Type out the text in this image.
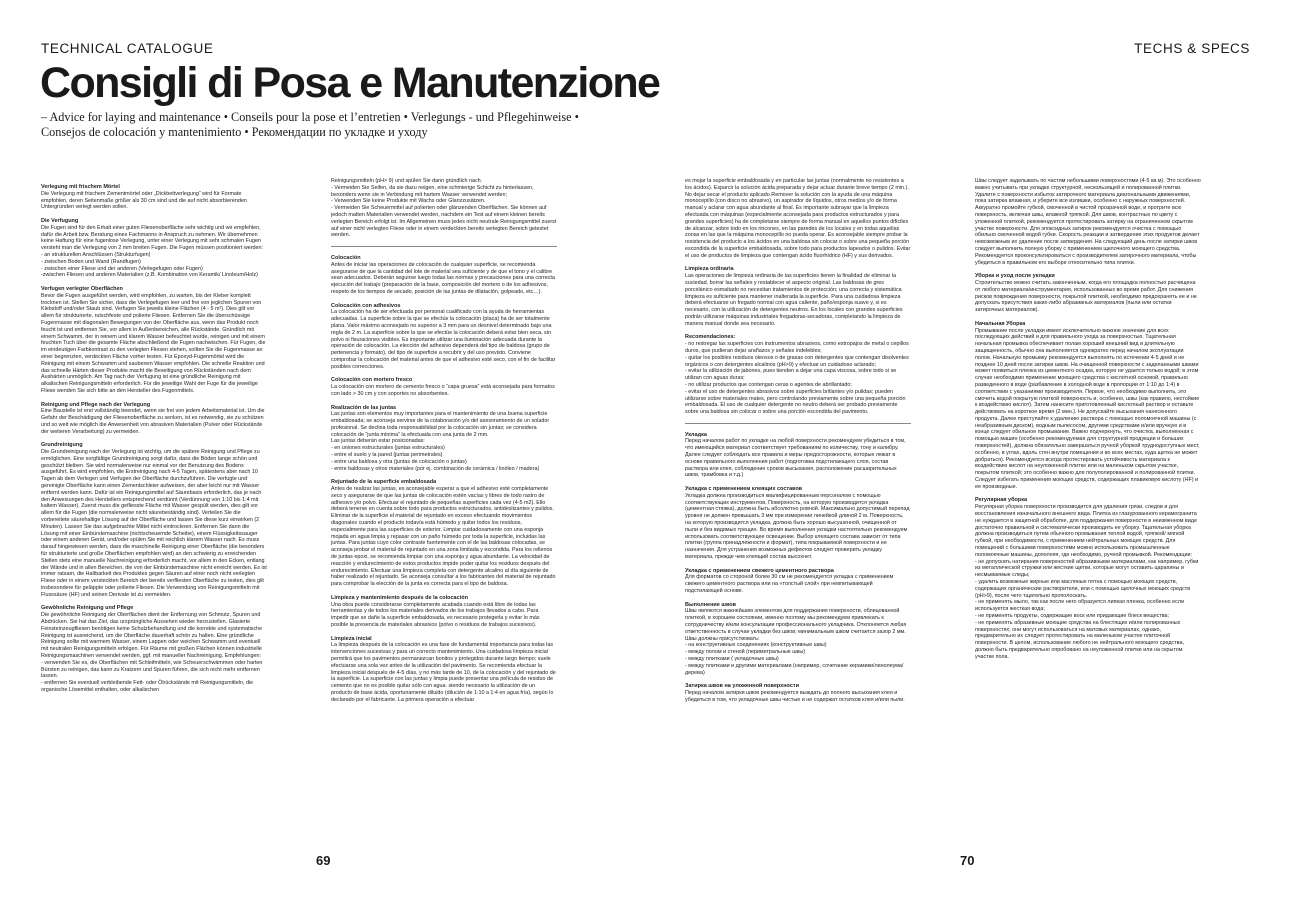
TECHNICAL CATALOGUE	TECHS & SPECS
Consigli di Posa e Manutenzione
– Advice for laying and maintenance • Conseils pour la pose et l’entretien • Verlegungs - und Pflegehinweise • Consejos de colocación y mantenimiento • Рекомендации по укладке и уходу
Verlegung mit frischem Mörtel

Die Verlegung mit frischem Zementmörtel oder „Dickbettverlegung“ wird für Formate empfohlen, deren Seitenmaße größer als 30 cm sind und die auf nicht absorbierenden Untergründen verlegt werden sollen.

Die Verfugung

Die Fugen sind für den Erhalt einer guten Fliesenoberfläche sehr wichtig und wir empfehlen, dafür die Arbeit bzw. Beratung eines Fachmanns in Anspruch zu nehmen. Wir übernehmen keine Haftung für eine fugenlose Verlegung, unter einer Verlegung mit sehr schmalen Fugen versteht man die Verlegung von 2 mm breiten Fugen. Die Fugen müssen positioniert werden:
- an strukturellen Anschlüssen (Strukturfugen)
- zwischen Boden und Wand (Randfugen)
- zwischen einer Fliese und der anderen (Verlegefugen oder Fugen)
-zwischen Fliesen und anderen Materialien (z.B. Kombination von Keramik/ Linoleum/Holz)

Verfugen verlegter Oberflächen

Bevor die Fugen ausgeführt werden, wird empfohlen, zu warten, bis der Kleber komplett trocknen ist. Stellen Sie sicher, dass die Verlegefugen leer und frei von jeglichen Spuren von Klebstoff und/oder Staub sind. Verfugen Sie jeweils kleine Flächen (4 - 5 m²). Dies gilt vor allem für strukturierte, rutschfeste und polierte Fliesen. Entfernen Sie die überschüssige Fugenmasse mit diagonalen Bewegungen von der Oberfläche aus, wenn das Produkt noch feucht ist und entfernen Sie, vor allem in Außenbereichen, alle Rückstände. Gründlich mit einem Schwamm, der in reinem und klarem Wasser befeuchtet wurde, reinigen und mit einem feuchten Tuch über die gesamte Fläche abschließend die Fugen nachwischen. Für Fugen, die im eindeutigen Farbkontrast zu den verlegten Fliesen stehen, sollten Sie die Fugenmasse an einer begrenzten, verdeckten Fläche vorher testen. Für Epoxyd-Fugenmörtel wird die Reinigung mit einem Schwamm und sauberem Wasser empfohlen. Die schnelle Reaktion und das schnelle Härten dieser Produkte macht die Beseitigung von Rückständen nach dem Aushärten unmöglich. Am Tag nach der Verfugung ist eine gründliche Reinigung mit alkalischen Reinigungsmitteln erforderlich. Für die jeweilige Wahl der Fuge für die jeweilige Fliese wenden Sie sich bitte an den Hersteller des Fugenmittels.

Reinigung und Pflege nach der Verlegung

Eine Baustelle ist erst vollständig beendet, wenn sie frei von jedem Arbeitsmaterial ist. Um die Gefahr der Beschädigung der Fliesenoberfläche zu senken, ist es notwendig, sie zu schützen und so weit wie möglich die Anwesenheit von abrasiven Materialien (Pulver oder Rückstände der weiteren Verarbeitung) zu vermeiden.

Grundreinigung

Die Grundreinigung nach der Verlegung ist wichtig, um die spätere Reinigung und Pflege zu ermöglichen. Eine sorgfältige Grundreinigung sorgt dafür, dass die Böden lange schön und geschützt bleiben. Sie wird normalerweise nur einmal vor der Benutzung des Bodens ausgeführt. Es wird empfohlen, die Erstreinigung nach 4-5 Tagen, spätestens aber nach 10 Tagen ab dem Verlegen und Verfugen der Oberfläche durchzuführen. Die verfugte und gereinigte Oberfläche kann einen Zementschleier aufweisen, der aber leicht nur mit Wasser entfernt werden kann. Dafür ist ein Reinigungsmittel auf Säurebasis erforderlich, das je nach den Anweisungen des Herstellers entsprechend verdünnt (Verdünnung von 1:10 bis 1:4 mit kaltem Wasser). Zuerst muss die gefliesste Fläche mit Wasser gespült werden, dies gilt vor allem für die Fugen (die normalerweise nicht säurebeständig sind). Verteilen Sie die vorbereitete säurehaltige Lösung auf der Oberfläche und lassen Sie diese kurz einwirken (2 Minuten). Lassen Sie das aufgebrachte Mittel nicht eintrocknen. Entfernen Sie dann die Lösung mit einer Einbürstemaschine (nichtscheuernde Scheibe), einem Flüssigkeitssauger oder einem anderen Gerät, und/oder spülen Sie mit reichlich klarem Wasser nach. Es muss darauf hingewiesen werden, dass die maschinelle Reinigung einer Oberfläche (die besonders für strukturierte und große Oberflächen empfohlen wird) an den schwierig zu erreichenden Stellen stets eine manuelle Nachreinigung erforderlich macht, vor allem in den Ecken, entlang der Wände und in allen Bereichen, die von der Einbürstemaschine nicht erreicht werden. Es ist immer ratsam, die Haltbarkeit des Produktes gegen Säuren auf einer noch nicht verlegten Fliese oder in einem versteckten Bereich der bereits verfliesten Oberfläche zu testen, dies gilt insbesondere für geläppte oder polierte Fliesen. Die Verwendung von Reinigungsmitteln mit Flusssäure (HF) und seinen Derivate ist zu vermeiden.

Gewöhnliche Reinigung und Pflege

Die gewöhnliche Reinigung der Oberflächen dient der Entfernung von Schmutz, Spuren und Abdrücken. Sie hat das Ziel, das ursprüngliche Aussehen wieder herzustellen. Glasierte Feinsteinzeugfliesen benötigen keine Schutzbehandlung und die korrekte und systematische Reinigung ist ausreichend, um die Oberfläche dauerhaft schön zu halten. Eine gründliche Reinigung sollte mit warmem Wasser, einem Lappen oder weichen Schwamm und eventuell mit neutralen Reinigungsmitteln erfolgen. Für Räume mit großen Flächen können industrielle Reinigungsmaschinen verwendet werden, ggf. mit manueller Nachreinigung. Empfehlungen:
- verwenden Sie es, die Oberflächen mit Schleifmitteln, wie Scheuerschwämmen oder harten Bürsten zu reinigen, das kann zu Kratzern und Spuren führen, die sich nicht mehr entfernen lassen.
- entfernen Sie eventuell verbleibende Fett- oder Ölrückstände mit Reinigungsmitteln, die organische Lösemittel enthalten, oder alkalischen

Reinigungsmitteln (pH> 9) und spülen Sie dann gründlich nach.
- Vermeiden Sie Seifen, da sie dazu neigen, eine schmierige Schicht zu hinterlassen, besonders wenn sie in Verbindung mit hartem Wasser verwendet werden;
- Verwenden Sie keine Produkte mit Wachs oder Glanzzusätzen.
- Vermeiden Sie Scheuermittel auf polierten oder glänzenden Oberflächen. Sie können auf jedoch matten Materialien verwendet werden, nachdem ein Test auf einem kleinen bereits verlegten Bereich erfolgt ist. Im Allgemeinen muss jedes nicht neutrale Reinigungsmittel zuerst auf einer nicht verlegten Fliese oder in einem verdeckten bereits verlegten Bereich getestet werden.

Colocación

Antes de iniciar las operaciones de colocación de cualquier superficie, se recomienda asegurarse de que la cantidad del lote de material sea suficiente y de que el tono y el calibre sean adecuados. Deberán seguirse luego todas las normas y precauciones para una correcta ejecución del trabajo (preparación de la base, composición del mortero o de los adhesivos, respeto de los tiempos de secado, posición de las juntas de dilatación, golpeado, etc…).

Colocación con adhesivos

La colocación ha de ser efectuada por personal cualificado con la ayuda de herramientas adecuadas. La superficie sobre la que se efectúe la colocación (placa) ha de ser totalmente plana. Valor máximo aconsejado no superior a 3 mm para un desnivel determinado bajo una regla de 2 m. La superficie sobre la que se efectúe la colocación deberá estar bien seca, sin polvo ni fisuraciones visibles. Es importante utilizar una iluminación adecuada durante la operación de colocación. La elección del adhesivo dependerá del tipo de baldosa (grupo de pertenencia y formato), del tipo de superficie a recubrir y del uso previsto. Conviene comprobar la colocación del material antes de que el adhesivo esté seco, con el fin de facilitar posibles correcciones.

Colocación con mortero fresco

La colocación con mortero de cemento fresco o “capa gruesa” está aconsejada para formatos con lado > 30 cm y con soportes no absorbentes.

Realización de las juntas

Las juntas son elementos muy importantes para el mantenimiento de una buena superficie embaldosada; se aconseja servirse de la colaboración y/o del asesoramiento de un solador profesional. Se declina toda responsabilidad por la colocación sin juntas; se considera colocación de “junta mínima” la efectuada con una junta de 2 mm.
Las juntas deberán estar posicionadas:
- en uniones estructurales (juntas estructurales)
- entre el suelo y la pared (juntas perimetrales)
- entre una baldosa y otra (juntas de colocación o juntas)
- entre baldosas y otros materiales (por ej. combinación de cerámica / linóleo / madera)

Rejuntado de la superficie embaldosada

Antes de realizar las juntas, es aconsejable esperar a que el adhesivo esté completamente seco y asegurarse de que las juntas de colocación estén vacías y libres de todo rastro de adhesivo y/o polvo. Efectuar el rejuntado de pequeñas superficies cada vez (4-5 m2). Ello deberá tenerse en cuenta sobre todo para productos estructurados, antideslizantes y pulidos. Eliminar de la superficie el material de rejuntado en exceso efectuando movimientos diagonales cuando el producto todavía está húmedo y quitar todos los residuos, especialmente para las superficies de exterior. Limpiar cuidadosamente con una esponja mojada en agua limpia y repasar con un paño húmedo por toda la superficie, incluidas las juntas. Para juntas cuyo color contraste fuertemente con el de las baldosas colocadas, se aconseja probar el material de rejuntado en una zona limitada y escondida. Para los rellenos de juntas epoxi, se recomienda limpiar con una esponja y agua abundante. La velocidad de reacción y endurecimiento de estos productos impide poder quitar los residuos después del endurecimiento. Efectuar una limpieza completa con detergente alcalino al día siguiente de haber realizado el rejuntado. Se aconseja consultar a los fabricantes del material de rejuntado para comprobar la elección de la junta es correcta para el tipo de baldosa.

Limpieza y mantenimiento después de la colocación

Una obra puede considerarse completamente acabada cuando está libre de todas las herramientas y de todos los materiales derivados de los trabajos llevados a cabo. Para impedir que se dañe la superficie embaldosada, es necesario protegerla y evitar lo más posible la presencia de materiales abrasivos (polvo o residuos de trabajos sucesivos).

Limpieza inicial

La limpieza después de la colocación es una fase de fundamental importancia para todas las intervenciones sucesivas y para un correcto mantenimiento. Una cuidadosa limpieza inicial permitirá que los pavimentos permanezcan bonitos y protegidos durante largo tiempo; suele efectuarse una sola vez antes de la utilización del pavimento. Se recomienda efectuar la limpieza inicial después de 4-5 días, y no más tarde de 10, de la colocación y del rejuntado de la superficie. La superficie con las juntas y limpia puede presentar una película de residuo de cemento que no es posible quitar sólo con agua. siendo necesario la utilización de un producto de base ácida, oportunamente diluido (dilución de 1:10 a 1:4 en agua fría), según lo declarado por el fabricante. La primera operación a efectuar

es mojar la superficie embaldosada y en particular las juntas (normalmente no resistentes a los ácidos). Esparcir la solución ácida preparada y dejar actuar durante breve tiempo (2 min.). No dejar secar el producto aplicado.Remover la solución con la ayuda de una máquina monocepillo (con disco no abrasivo), un aspirador de líquidos, otros medios y/o de forma manual y aclarar con agua abundante al final. Es importante subrayar que la limpieza efectuada con máquinas (especialmente aconsejada para productos estructurados y para grandes superficies) ha de completarse siempre de forma manual en aquellos puntos difíciles de alcanzar, sobre todo en los rincones, en las paredes de los locales y en todas aquellas zonas en las que la máquina monocepillo no pueda operar. Es aconsejable siempre probar la resistencia del producto a los ácidos en una baldosa sin colocar o sobre una pequeña porción escondida de la superficie embaldosada, sobre todo para productos lapeados o pulidos. Evitar el uso de productos de limpieza que contengan ácido fluorhídrico (HF) y sus derivados.

Limpieza ordinaria

Las operaciones de limpieza ordinaria de las superficies tienen la finalidad de eliminar la suciedad, borrar las señales y restablecer el aspecto original. Las baldosas de gres porcelánico esmaltado no necesitan tratamientos de protección; una correcta y sistemática limpieza es suficiente para mantener inalterada la superficie. Para una cuidadosa limpieza deberá efectuarse un fregado normal con agua caliente, paño/esponja suave y, si es necesario, con la utilización de detergentes neutros. En los locales con grandes superficies podrán utilizarse máquinas industriales fregadoras-secadoras, completando la limpieza de manera manual donde sea necesario.

Recomendaciones:

- no restregar las superficies con instrumentos abrasivos, como estropajos de metal o cepillos duros, que pudieran dejar arañazos y señales indelebles;
- quitar los posibles residuos oleosos o de grasas con detergentes que contengan disolventes orgánicos o con detergentes alcalinos (pH>9) y efectuar un cuidadoso aclarado;
- evitar la utilización de jabones, pues tienden a dejar una capa viscosa, sobre todo si se utilizan con aguas duras;
- no utilizar productos que contengan ceras o agentes de abrillantado;
- evitar el uso de detergentes abrasivos sobre superficies brillantes y/o pulidas; pueden utilizarse sobre materiales mates, pero controlando previamente sobre una pequeña porción embaldosada. El uso de cualquier detergente no neutro deberá ser probado previamente sobre una baldosa sin colocar o sobre una porción escondida del pavimento.

Укладка

Перед началом работ по укладке на любой поверхности рекомендуем убедиться в том, что имеющийся материал соответствует требованиям по количеству, тону и калибру. Далее следует соблюдать все правила и меры предосторожности, которые лежат в основе правильного выполнения работ (подготовка подстилающего слоя, состав раствора или клея, соблюдение сроков высыхания, расположение расширительных швов, трамбовка и т.д.)

Укладка с применением клеящих составов

Укладка должна производиться квалифицированным персоналом с помощью соответствующих инструментов. Поверхность, на которую производится укладка (цементная стяжка), должна быть абсолютно ровной. Максимально допустимый перепад уровня не должен превышать 3 мм при измерении линейкой длиной 2 м. Поверхность, на которую производится укладка, должна быть хорошо высушенной, очищенной от пыли и без видимых трещин. Во время выполнения укладки настоятельно рекомендуем использовать соответствующее освещение. Выбор клеящего состава зависит от типа плитки (группа принадлежности и формат), типа покрываемой поверхности и ее назначения. Для устранения возможных дефектов следует проверить укладку материала, прежде чем клеящий состав высохнет.

Укладка с применением свежего цементного раствора

Для форматов со стороной более 30 см не рекомендуется укладка с применением свежего цементного раствора или на «толстый слой» при невпитывающей подстилающей основе.

Выполнение швов

Швы являются важнейшим элементом для поддержания поверхности, облицованной плиткой, в хорошем состоянии, именно поэтому мы рекомендуем привлекать к сотрудничеству и/или консультации профессионального укладчика. Отклоняется любая ответственность в случае укладки без швов; минимальным швом считается зазор 2 мм.
Швы должны присутствовать:
- на конструктивных соединениях (конструктивные швы)
- между полом и стеной (периметральные швы)
- между плитками ( укладочные швы)
- между плитками и другими материалами (например, сочетание керамики/линолеума/ дерева)

Затирка швов на уложенной поверхности

Перед началом затирки швов рекомендуется выждать до полного высыхания клея и убедиться в том, что укладочные швы чистые и не содержат остатков клея и/или пыли.

Швы следует заделывать по частям небольшими поверхностями (4-5 кв.м). Это особенно важно учитывать при укладке структурной, нескользящей и полированной плитки. Удалите с поверхности избыток затирочного материала диагональными движениями, пока затирка влажная, и уберите все излишки, особенно с наружных поверхностей. Аккуратно промойте губкой, смоченной в чистой прозрачной воде, и протрите всю поверхность, включая швы, влажной тряпкой. Для швов, контрастных по цвету с уложенной плиткой, рекомендуется протестировать затирку на ограниченном скрытом участке поверхности. Для эпоксидных затирок рекомендуется очистка с помощью обильно смоченной водой губки. Скорость реакции и затвердение этих продуктов делает невозможным их удаление после затвердения. На следующий день после затирки швов следует выполнить полную уборку с применением щелочного моющего средства. Рекомендуется проконсультироваться с производителем затирочного материала, чтобы убедиться в правильном его выборе относительно типа плитки.

Уборка и уход после укладки

Строительство можно считать законченным, когда его площадка полностью расчищена от любого материала/инструментария, использованных во время работ. Для снижения рисков повреждения поверхности, покрытой плиткой, необходимо предохранять ее и не допускать присутствия каких-либо абразивных материалов (пыли или остатки затирочных материалов).

Начальная Уборка

Промывание после укладки имеет исключительно важное значение для всех последующих действий и для правильного ухода за поверхностью. Тщательная начальная промывка обеспечивает полам хороший внешний вид и длительную защищенность, обычно она выполняется однократно перед началом эксплуатации полов. Начальную промывку рекомендуется выполнять по истечении 4-5 дней и не позднее 10 дней после затирки швов. На очищенной поверхности с заделанными швами может появиться пленка из цементного осадка, которую не удается только водой; в этом случае необходимо применение моющего средства с кислотной основой, правильно разведенного в воде (разбавление в холодной воде в пропорции от 1:10 до 1:4) в соответствии с указаниями производителя. Первое, что необходимо выполнить, это смочить водой покрытую плиткой поверхность и, особенно, швы (как правило, нестойкие к воздействию кислот). Затем нанесите приготовленный кислотный раствор и оставьте действовать на короткое время (2 мин.). Не допускайте высыхания нанесенного продукта. Далее приступайте к удалению раствора с помощью поломоечной машины (с неабразивным диском), водным пылесосом, другими средствами и/или вручную и в конце следует обильное промывание. Важно подчеркнуть, что очистка, выполненная с помощью машин (особенно рекомендуемая для структурной продукции и больших поверхностей), должна обязательно завершаться ручной уборкой труднодоступных мест, особенно, в углах, вдоль стен внутри помещения и во всех местах, куда щетка не может добраться). Рекомендуется всегда протестировать устойчивость материала к воздействию кислот на неуложенной плитке или на маленьком скрытом участке, покрытом плиткой; это особенно важно для полуполированной и полированной плитки. Следует избегать применения моющих средств, содержащих плавиковую кислоту (HF) и ее производные.

Регулярная уборка

Регулярная уборка поверхности производится для удаления грязи, следов и для восстановления изначального внешнего вида. Плитка из глазурованного керамогранита не нуждается в защитной обработке, для поддержания поверхности в неизменном виде достаточно правильной и систематически производить ее уборку. Тщательная уборка должна производиться путем обычного промывания теплой водой, тряпкой/ мягкой губкой, при необходимости, с применением нейтральных моющих средств. Для помещений с большими поверхностями можно использовать промышленные поломоечные машины, дополняя, где необходимо, ручной промывкой. Рекомендации:
- не допускать натирания поверхностей абразивными материалами, как например, губки из металлической стружки или жесткие щетки, которые могут оставить царапины и несмываемые следы;
- удалить возможные жирные или масляные пятна с помощью моющих средств, содержащих органические растворители, или с помощью щелочных моющих средств (pH>9), после чего тщательно прополоскать.
- не применять мыло, так как после него образуется липкая пленка, особенно если используется жесткая вода;
- не применять продукты, содержащие воск или придающие блеск вещества;
- не применять абразивные моющие средства на блестящих и/или полированных поверхностях; они могут использоваться на матовых материалах, однако, предварительно их следует протестировать на маленьком участке плиточной поверхности. В целом, использование любого не нейтрального моющего средства, должно быть предварительно опробовано на неуложенной плитке или на скрытом участке пола.

69	70
